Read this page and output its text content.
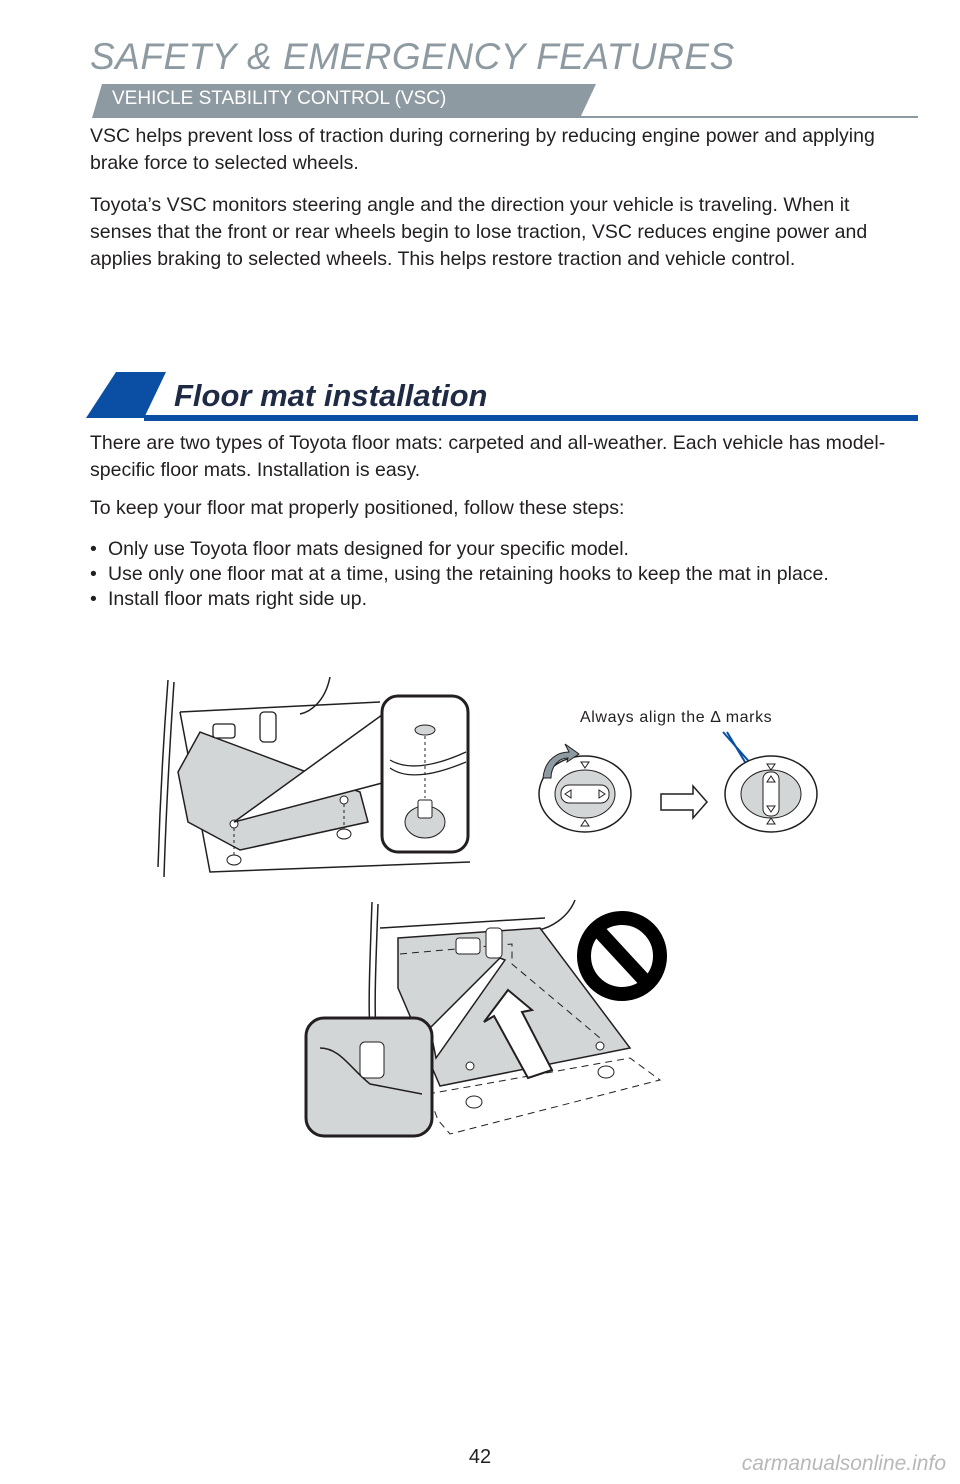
SAFETY & EMERGENCY FEATURES
VEHICLE STABILITY CONTROL (VSC)
VSC helps prevent loss of traction during cornering by reducing engine power and applying brake force to selected wheels.
Toyota’s VSC monitors steering angle and the direction your vehicle is traveling. When it senses that the front or rear wheels begin to lose traction, VSC reduces engine power and applies braking to selected wheels. This helps restore traction and vehicle control.
Floor mat installation
There are two types of Toyota floor mats: carpeted and all-weather. Each vehicle has model-specific floor mats. Installation is easy.
To keep your floor mat properly positioned, follow these steps:
• Only use Toyota floor mats designed for your specific model.
• Use only one floor mat at a time, using the retaining hooks to keep the mat in place.
• Install floor mats right side up.
Always align the Δ marks
42	carmanualsonline.info
